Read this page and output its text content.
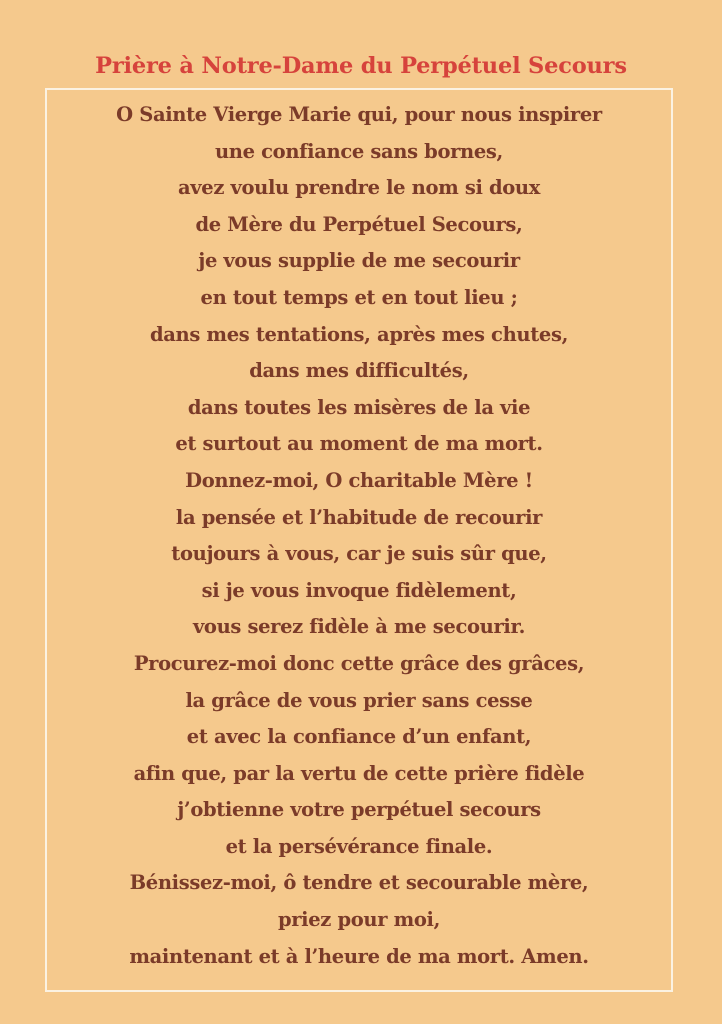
Prière à Notre-Dame du Perpétuel Secours
O Sainte Vierge Marie qui, pour nous inspirer
une confiance sans bornes,
avez voulu prendre le nom si doux
de Mère du Perpétuel Secours,
je vous supplie de me secourir
en tout temps et en tout lieu ;
dans mes tentations, après mes chutes,
dans mes difficultés,
dans toutes les misères de la vie
et surtout au moment de ma mort.
Donnez-moi, O charitable Mère !
la pensée et l’habitude de recourir
toujours à vous, car je suis sûr que,
si je vous invoque fidèlement,
vous serez fidèle à me secourir.
Procurez-moi donc cette grâce des grâces,
la grâce de vous prier sans cesse
et avec la confiance d’un enfant,
afin que, par la vertu de cette prière fidèle
j’obtienne votre perpétuel secours
et la persévérance finale.
Bénissez-moi, ô tendre et secourable mère,
priez pour moi,
maintenant et à l’heure de ma mort. Amen.
